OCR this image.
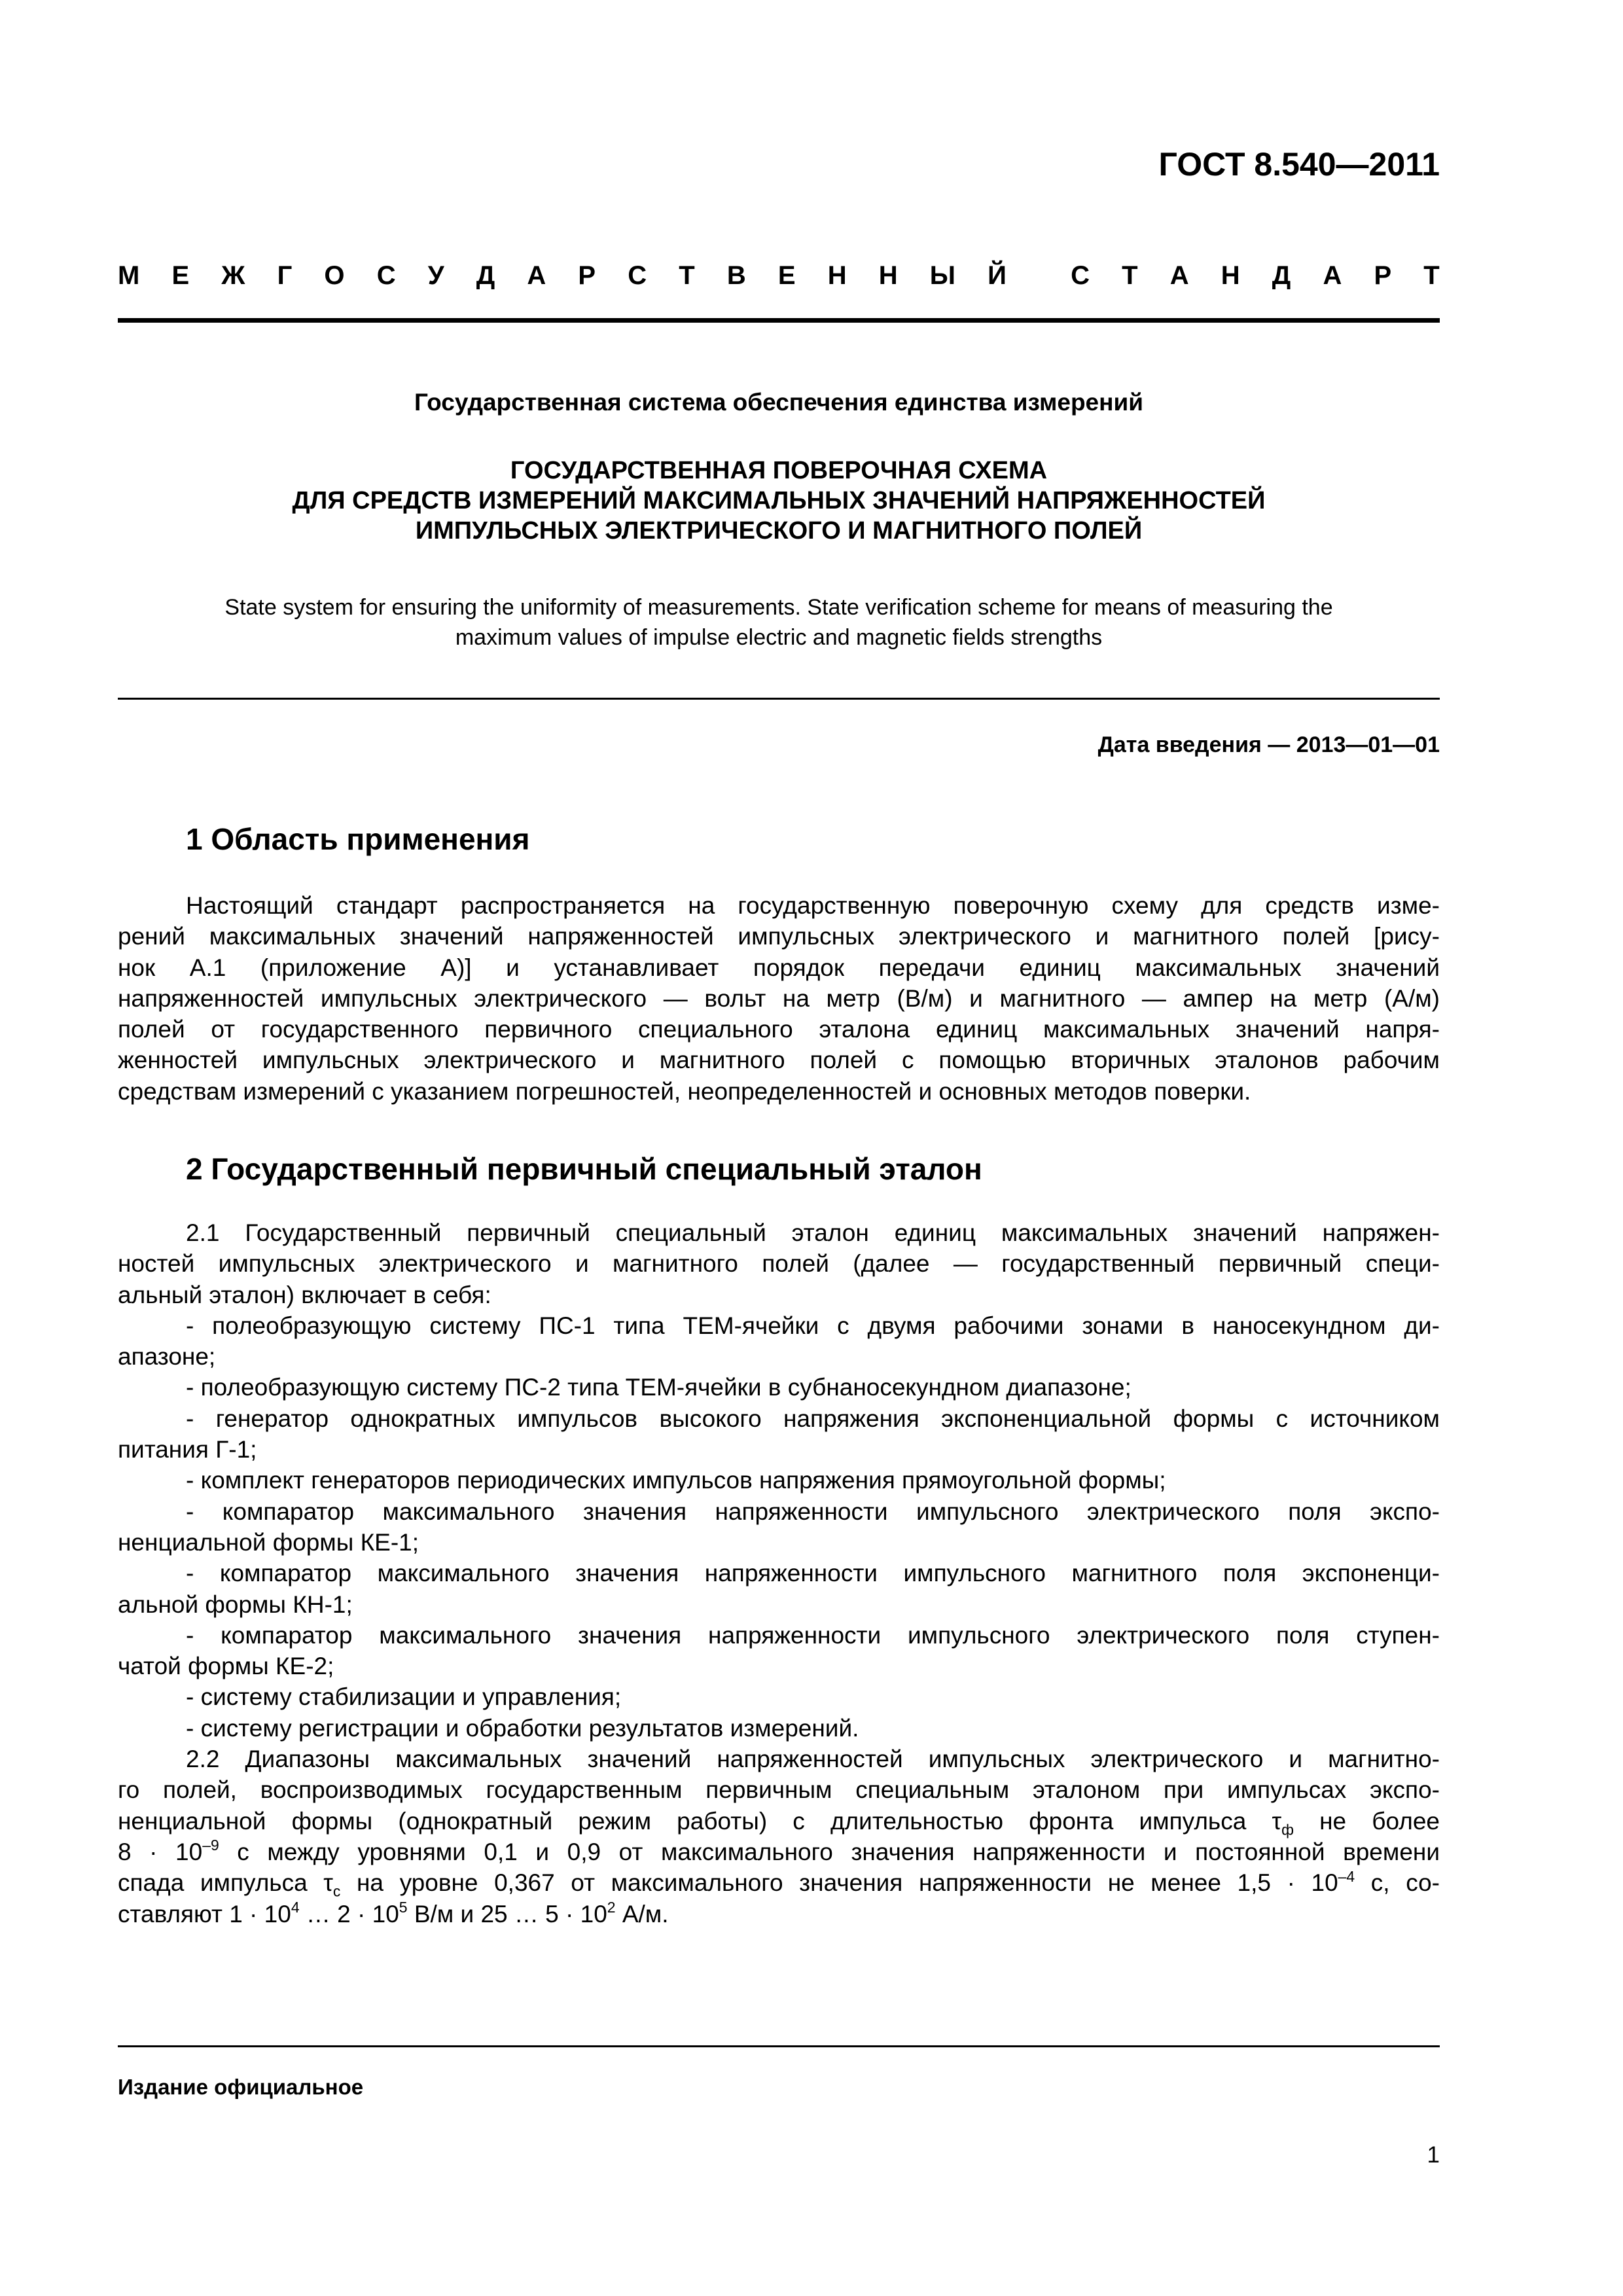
ГОСТ 8.540—2011
М Е Ж Г О С У Д А Р С Т В Е Н Н Ы Й С Т А Н Д А Р Т
Государственная система обеспечения единства измерений
ГОСУДАРСТВЕННАЯ ПОВЕРОЧНАЯ СХЕМА
ДЛЯ СРЕДСТВ ИЗМЕРЕНИЙ МАКСИМАЛЬНЫХ ЗНАЧЕНИЙ НАПРЯЖЕННОСТЕЙ
ИМПУЛЬСНЫХ ЭЛЕКТРИЧЕСКОГО И МАГНИТНОГО ПОЛЕЙ
State system for ensuring the uniformity of measurements. State verification scheme for means of measuring the
maximum values of impulse electric and magnetic fields strengths
Дата введения — 2013—01—01
1 Область применения
Настоящий стандарт распространяется на государственную поверочную схему для средств изме-
рений максимальных значений напряженностей импульсных электрического и магнитного полей [рису-
нок А.1 (приложение А)] и устанавливает порядок передачи единиц максимальных значений
напряженностей импульсных электрического — вольт на метр (В/м) и магнитного — ампер на метр (А/м)
полей от государственного первичного специального эталона единиц максимальных значений напря-
женностей импульсных электрического и магнитного полей с помощью вторичных эталонов рабочим
средствам измерений с указанием погрешностей, неопределенностей и основных методов поверки.
2 Государственный первичный специальный эталон
2.1 Государственный первичный специальный эталон единиц максимальных значений напряжен-
ностей импульсных электрического и магнитного полей (далее — государственный первичный специ-
альный эталон) включает в себя:
- полеобразующую систему ПС-1 типа ТЕМ-ячейки с двумя рабочими зонами в наносекундном ди-
апазоне;
- полеобразующую систему ПС-2 типа ТЕМ-ячейки в субнаносекундном диапазоне;
- генератор однократных импульсов высокого напряжения экспоненциальной формы с источником
питания Г-1;
- комплект генераторов периодических импульсов напряжения прямоугольной формы;
- компаратор максимального значения напряженности импульсного электрического поля экспо-
ненциальной формы КЕ-1;
- компаратор максимального значения напряженности импульсного магнитного поля экспоненци-
альной формы КН-1;
- компаратор максимального значения напряженности импульсного электрического поля ступен-
чатой формы КЕ-2;
- систему стабилизации и управления;
- систему регистрации и обработки результатов измерений.
2.2 Диапазоны максимальных значений напряженностей импульсных электрического и магнитно-
го полей, воспроизводимых государственным первичным специальным эталоном при импульсах экспо-
ненциальной формы (однократный режим работы) с длительностью фронта импульса $\tau_ф$ не более
$8 \cdot 10^{-9}$ с между уровнями 0,1 и 0,9 от максимального значения напряженности и постоянной времени
спада импульса $\tau_c$ на уровне 0,367 от максимального значения напряженности не менее $1,5 \cdot 10^{-4}$ с, со-
ставляют $1 \cdot 10^4$ … $2 \cdot 10^5$ В/м и 25 … $5 \cdot 10^2$ А/м.
Издание официальное
1
